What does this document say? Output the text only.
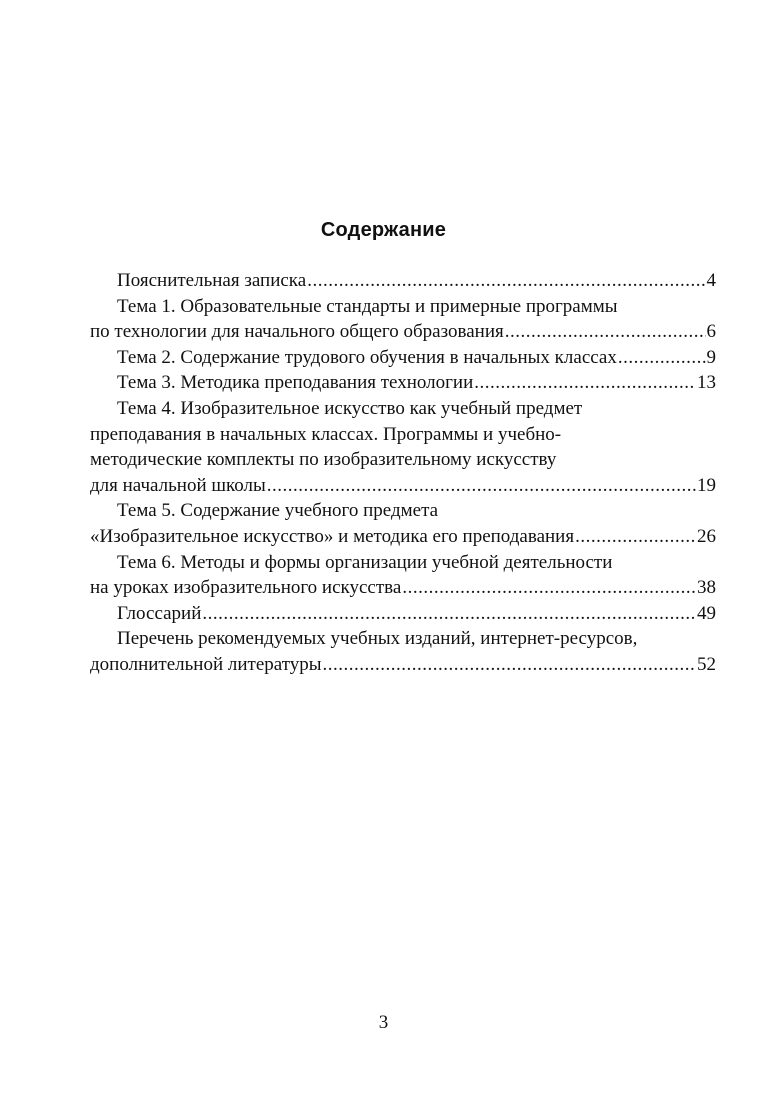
Содержание
Пояснительная записка .....	4
Тема 1. Образовательные стандарты и примерные программы
по технологии для начального общего образования .....	6
Тема 2. Содержание трудового обучения в начальных классах .....	9
Тема 3. Методика преподавания технологии .....	13
Тема 4. Изобразительное искусство как учебный предмет
преподавания в начальных классах. Программы и учебно-
методические комплекты по изобразительному искусству
для начальной школы .....	19
Тема 5. Содержание учебного предмета
«Изобразительное искусство» и методика его преподавания .....	26
Тема 6. Методы и формы организации учебной деятельности
на уроках изобразительного искусства .....	38
Глоссарий .....	49
Перечень рекомендуемых учебных изданий, интернет-ресурсов,
дополнительной литературы .....	52
3
